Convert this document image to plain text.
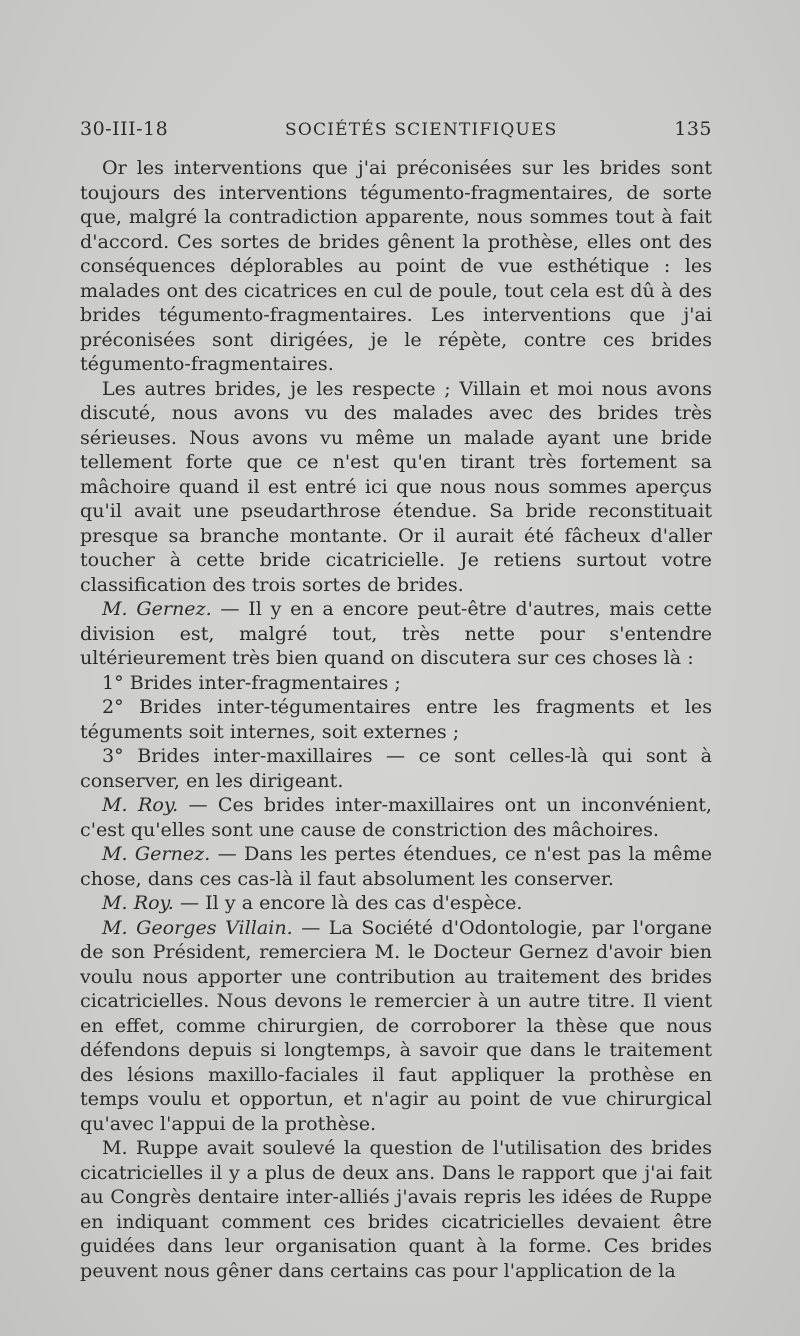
30-III-18	SOCIÉTÉS SCIENTIFIQUES	135

Or les interventions que j'ai préconisées sur les brides sont toujours des interventions tégumento-fragmentaires, de sorte que, malgré la contradiction apparente, nous sommes tout à fait d'accord. Ces sortes de brides gênent la prothèse, elles ont des conséquences déplorables au point de vue esthétique : les malades ont des cicatrices en cul de poule, tout cela est dû à des brides tégumento-fragmentaires. Les interventions que j'ai préconisées sont dirigées, je le répète, contre ces brides tégumento-fragmentaires.

Les autres brides, je les respecte ; Villain et moi nous avons discuté, nous avons vu des malades avec des brides très sérieuses. Nous avons vu même un malade ayant une bride tellement forte que ce n'est qu'en tirant très fortement sa mâchoire quand il est entré ici que nous nous sommes aperçus qu'il avait une pseudarthrose étendue. Sa bride reconstituait presque sa branche montante. Or il aurait été fâcheux d'aller toucher à cette bride cicatricielle. Je retiens surtout votre classification des trois sortes de brides.

M. Gernez. — Il y en a encore peut-être d'autres, mais cette division est, malgré tout, très nette pour s'entendre ultérieurement très bien quand on discutera sur ces choses là :

1° Brides inter-fragmentaires ;

2° Brides inter-tégumentaires entre les fragments et les téguments soit internes, soit externes ;

3° Brides inter-maxillaires — ce sont celles-là qui sont à conserver, en les dirigeant.

M. Roy. — Ces brides inter-maxillaires ont un inconvénient, c'est qu'elles sont une cause de constriction des mâchoires.

M. Gernez. — Dans les pertes étendues, ce n'est pas la même chose, dans ces cas-là il faut absolument les conserver.

M. Roy. — Il y a encore là des cas d'espèce.

M. Georges Villain. — La Société d'Odontologie, par l'organe de son Président, remerciera M. le Docteur Gernez d'avoir bien voulu nous apporter une contribution au traitement des brides cicatricielles. Nous devons le remercier à un autre titre. Il vient en effet, comme chirurgien, de corroborer la thèse que nous défendons depuis si longtemps, à savoir que dans le traitement des lésions maxillo-faciales il faut appliquer la prothèse en temps voulu et opportun, et n'agir au point de vue chirurgical qu'avec l'appui de la prothèse.

M. Ruppe avait soulevé la question de l'utilisation des brides cicatricielles il y a plus de deux ans. Dans le rapport que j'ai fait au Congrès dentaire inter-alliés j'avais repris les idées de Ruppe en indiquant comment ces brides cicatricielles devaient être guidées dans leur organisation quant à la forme. Ces brides peuvent nous gêner dans certains cas pour l'application de la
